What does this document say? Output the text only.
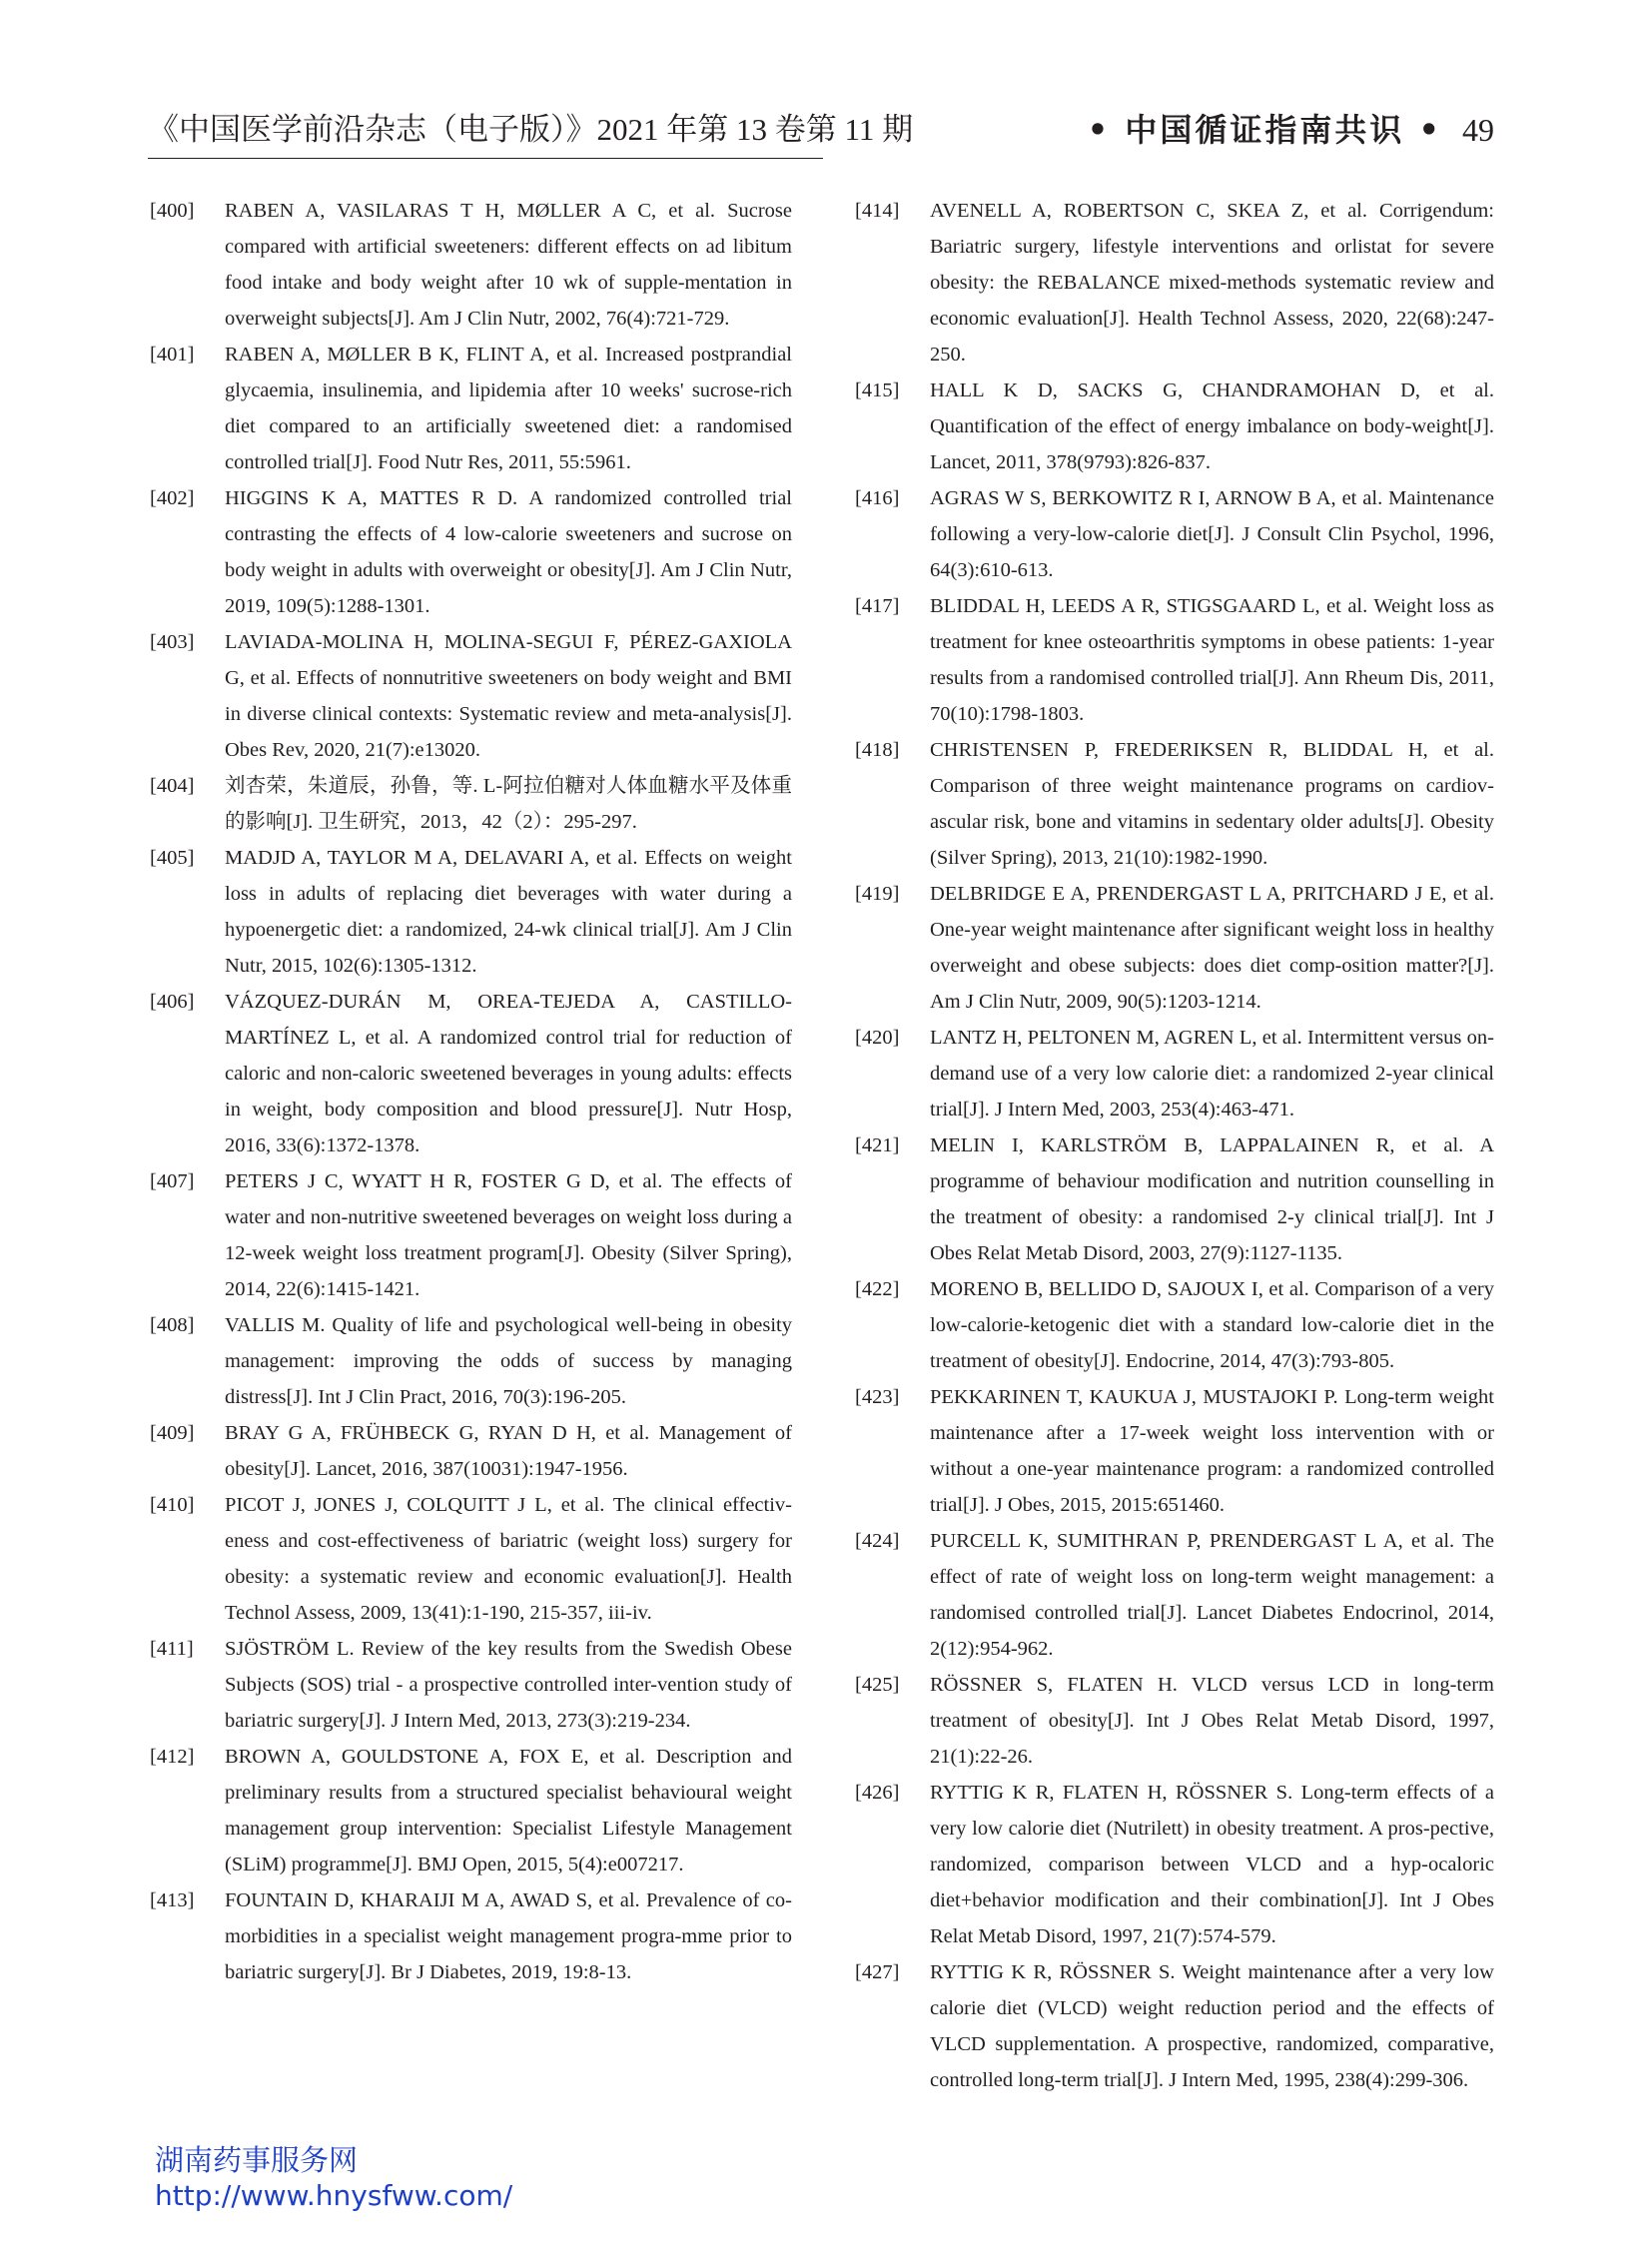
《中国医学前沿杂志（电子版）》2021 年第 13 卷第 11 期	• 中国循证指南共识 • 49
[400]	RABEN A, VASILARAS T H, MØLLER A C, et al. Sucrose compared with artificial sweeteners: different effects on ad libitum food intake and body weight after 10 wk of supple-mentation in overweight subjects[J]. Am J Clin Nutr, 2002, 76(4):721-729.
[401]	RABEN A, MØLLER B K, FLINT A, et al. Increased postprandial glycaemia, insulinemia, and lipidemia after 10 weeks' sucrose-rich diet compared to an artificially sweetened diet: a randomised controlled trial[J]. Food Nutr Res, 2011, 55:5961.
[402]	HIGGINS K A, MATTES R D. A randomized controlled trial contrasting the effects of 4 low-calorie sweeteners and sucrose on body weight in adults with overweight or obesity[J]. Am J Clin Nutr, 2019, 109(5):1288-1301.
[403]	LAVIADA-MOLINA H, MOLINA-SEGUI F, PÉREZ-GAXIOLA G, et al. Effects of nonnutritive sweeteners on body weight and BMI in diverse clinical contexts: Systematic review and meta-analysis[J]. Obes Rev, 2020, 21(7):e13020.
[404]	刘杏荣，朱道辰，孙鲁，等. L-阿拉伯糖对人体血糖水平及体重的影响[J]. 卫生研究，2013，42（2）：295-297.
[405]	MADJD A, TAYLOR M A, DELAVARI A, et al. Effects on weight loss in adults of replacing diet beverages with water during a hypoenergetic diet: a randomized, 24-wk clinical trial[J]. Am J Clin Nutr, 2015, 102(6):1305-1312.
[406]	VÁZQUEZ-DURÁN M, OREA-TEJEDA A, CASTILLO-MARTÍNEZ L, et al. A randomized control trial for reduction of caloric and non-caloric sweetened beverages in young adults: effects in weight, body composition and blood pressure[J]. Nutr Hosp, 2016, 33(6):1372-1378.
[407]	PETERS J C, WYATT H R, FOSTER G D, et al. The effects of water and non-nutritive sweetened beverages on weight loss during a 12-week weight loss treatment program[J]. Obesity (Silver Spring), 2014, 22(6):1415-1421.
[408]	VALLIS M. Quality of life and psychological well-being in obesity management: improving the odds of success by managing distress[J]. Int J Clin Pract, 2016, 70(3):196-205.
[409]	BRAY G A, FRÜHBECK G, RYAN D H, et al. Management of obesity[J]. Lancet, 2016, 387(10031):1947-1956.
[410]	PICOT J, JONES J, COLQUITT J L, et al. The clinical effectiv-eness and cost-effectiveness of bariatric (weight loss) surgery for obesity: a systematic review and economic evaluation[J]. Health Technol Assess, 2009, 13(41):1-190, 215-357, iii-iv.
[411]	SJÖSTRÖM L. Review of the key results from the Swedish Obese Subjects (SOS) trial - a prospective controlled inter-vention study of bariatric surgery[J]. J Intern Med, 2013, 273(3):219-234.
[412]	BROWN A, GOULDSTONE A, FOX E, et al. Description and preliminary results from a structured specialist behavioural weight management group intervention: Specialist Lifestyle Management (SLiM) programme[J]. BMJ Open, 2015, 5(4):e007217.
[413]	FOUNTAIN D, KHARAIJI M A, AWAD S, et al. Prevalence of co-morbidities in a specialist weight management progra-mme prior to bariatric surgery[J]. Br J Diabetes, 2019, 19:8-13.
[414]	AVENELL A, ROBERTSON C, SKEA Z, et al. Corrigendum: Bariatric surgery, lifestyle interventions and orlistat for severe obesity: the REBALANCE mixed-methods systematic review and economic evaluation[J]. Health Technol Assess, 2020, 22(68):247-250.
[415]	HALL K D, SACKS G, CHANDRAMOHAN D, et al. Quantification of the effect of energy imbalance on body-weight[J]. Lancet, 2011, 378(9793):826-837.
[416]	AGRAS W S, BERKOWITZ R I, ARNOW B A, et al. Maintenance following a very-low-calorie diet[J]. J Consult Clin Psychol, 1996, 64(3):610-613.
[417]	BLIDDAL H, LEEDS A R, STIGSGAARD L, et al. Weight loss as treatment for knee osteoarthritis symptoms in obese patients: 1-year results from a randomised controlled trial[J]. Ann Rheum Dis, 2011, 70(10):1798-1803.
[418]	CHRISTENSEN P, FREDERIKSEN R, BLIDDAL H, et al. Comparison of three weight maintenance programs on cardiov-ascular risk, bone and vitamins in sedentary older adults[J]. Obesity (Silver Spring), 2013, 21(10):1982-1990.
[419]	DELBRIDGE E A, PRENDERGAST L A, PRITCHARD J E, et al. One-year weight maintenance after significant weight loss in healthy overweight and obese subjects: does diet comp-osition matter?[J]. Am J Clin Nutr, 2009, 90(5):1203-1214.
[420]	LANTZ H, PELTONEN M, AGREN L, et al. Intermittent versus on-demand use of a very low calorie diet: a randomized 2-year clinical trial[J]. J Intern Med, 2003, 253(4):463-471.
[421]	MELIN I, KARLSTRÖM B, LAPPALAINEN R, et al. A programme of behaviour modification and nutrition counselling in the treatment of obesity: a randomised 2-y clinical trial[J]. Int J Obes Relat Metab Disord, 2003, 27(9):1127-1135.
[422]	MORENO B, BELLIDO D, SAJOUX I, et al. Comparison of a very low-calorie-ketogenic diet with a standard low-calorie diet in the treatment of obesity[J]. Endocrine, 2014, 47(3):793-805.
[423]	PEKKARINEN T, KAUKUA J, MUSTAJOKI P. Long-term weight maintenance after a 17-week weight loss intervention with or without a one-year maintenance program: a randomized controlled trial[J]. J Obes, 2015, 2015:651460.
[424]	PURCELL K, SUMITHRAN P, PRENDERGAST L A, et al. The effect of rate of weight loss on long-term weight management: a randomised controlled trial[J]. Lancet Diabetes Endocrinol, 2014, 2(12):954-962.
[425]	RÖSSNER S, FLATEN H. VLCD versus LCD in long-term treatment of obesity[J]. Int J Obes Relat Metab Disord, 1997, 21(1):22-26.
[426]	RYTTIG K R, FLATEN H, RÖSSNER S. Long-term effects of a very low calorie diet (Nutrilett) in obesity treatment. A pros-pective, randomized, comparison between VLCD and a hyp-ocaloric diet+behavior modification and their combination[J]. Int J Obes Relat Metab Disord, 1997, 21(7):574-579.
[427]	RYTTIG K R, RÖSSNER S. Weight maintenance after a very low calorie diet (VLCD) weight reduction period and the effects of VLCD supplementation. A prospective, randomized, comparative, controlled long-term trial[J]. J Intern Med, 1995, 238(4):299-306.
湖南药事服务网
http://www.hnysfww.com/
